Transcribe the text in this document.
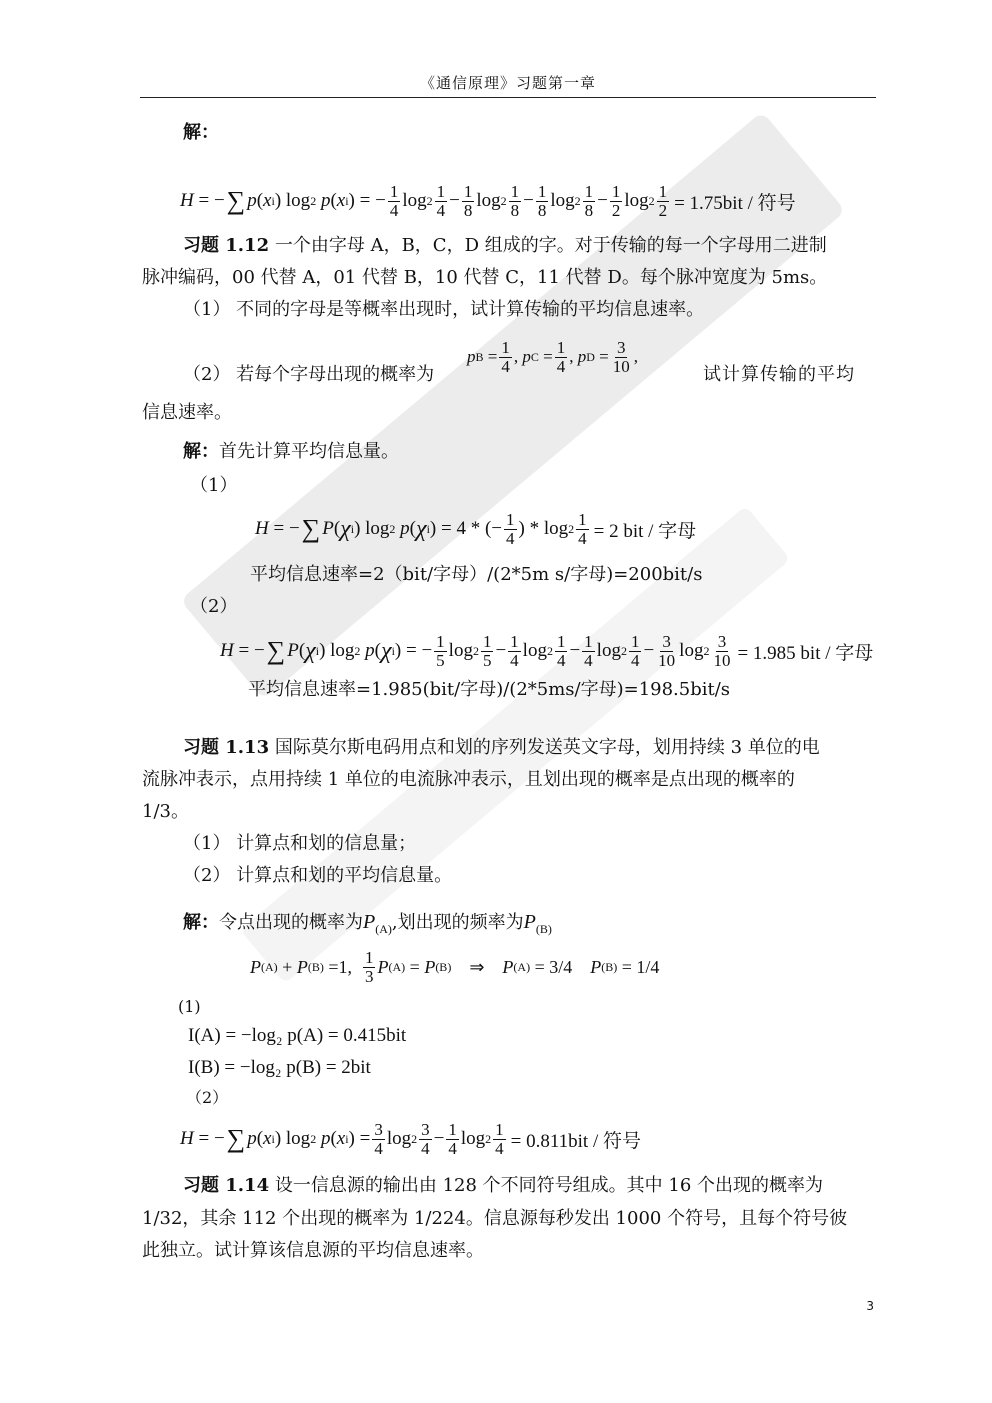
《通信原理》习题第一章
解：
H = − ∑ p ( x i ) log 2
p ( x i ) = − $\frac{1}{4}$ $\log 2 \frac{1}{4} - \frac{1}{8}$ $\log 2 \frac{1}{8} - \frac{1}{8}$ $\log 2 \frac{1}{8} - \frac{1}{2}$ $\log 2 \frac{1}{2} = 1.75bit$ / 符号
习题 1.12 一个由字母 A，B，C，D 组成的字。对于传输的每一个字母用二进制
脉冲编码，00 代替 A，01 代替 B，10 代替 C，11 代替 D。每个脉冲宽度为 5ms。
（1） 不同的字母是等概率出现时，试计算传输的平均信息速率。
（2） 若每个字母出现的概率为
p $B = \frac{1}{4}$ , p $C = \frac{1}{4}$ , p $D = \frac{3}{10}$ ,
试计算传输的平均
信息速率。
解：首先计算平均信息量。
（1）
H = − ∑ P ( χ i ) log 2
p ( χ i ) = 4 * (− $\frac{1}{4}$ ) * $\log 2 \frac{1}{4} = 2$ bit / 字母
平均信息速率=2（bit/字母）/(2*5m s/字母)=200bit/s
（2）
H = − ∑ P ( χ i ) log 2
p ( χ i ) = − $\frac{1}{5}$ $\log 2 \frac{1}{5} - \frac{1}{4}$ $\log 2 \frac{1}{4} - \frac{1}{4}$ $\log 2 \frac{1}{4} - \frac{3}{10}$ $\log 2 \frac{3}{10} = 1.985$ bit / 字母
平均信息速率=1.985(bit/字母)/(2*5ms/字母)=198.5bit/s
习题 1.13 国际莫尔斯电码用点和划的序列发送英文字母，划用持续 3 单位的电
流脉冲表示，点用持续 1 单位的电流脉冲表示，且划出现的概率是点出现的概率的
1/3。
（1） 计算点和划的信息量；
（2） 计算点和划的平均信息量。
解：令点出现的概率为$P_{(A)}$,划出现的频率为$P_{(B)}$
P (A) + P (B) =1, $\frac{1}{3}$ P (A) = P (B) ⇒ P (A) = 3/4 P (B) = 1/4
(1)
I(A) = −log₂ p(A) = 0.415bit
I(B) = −log₂ p(B) = 2bit
（2）
H = − ∑ p ( x i ) log 2
p ( x i ) = $\frac{3}{4}$ $\log 2 \frac{3}{4} - \frac{1}{4}$ $\log 2 \frac{1}{4} = 0.811bit$ / 符号
习题 1.14 设一信息源的输出由 128 个不同符号组成。其中 16 个出现的概率为
1/32，其余 112 个出现的概率为 1/224。信息源每秒发出 1000 个符号，且每个符号彼
此独立。试计算该信息源的平均信息速率。
3
